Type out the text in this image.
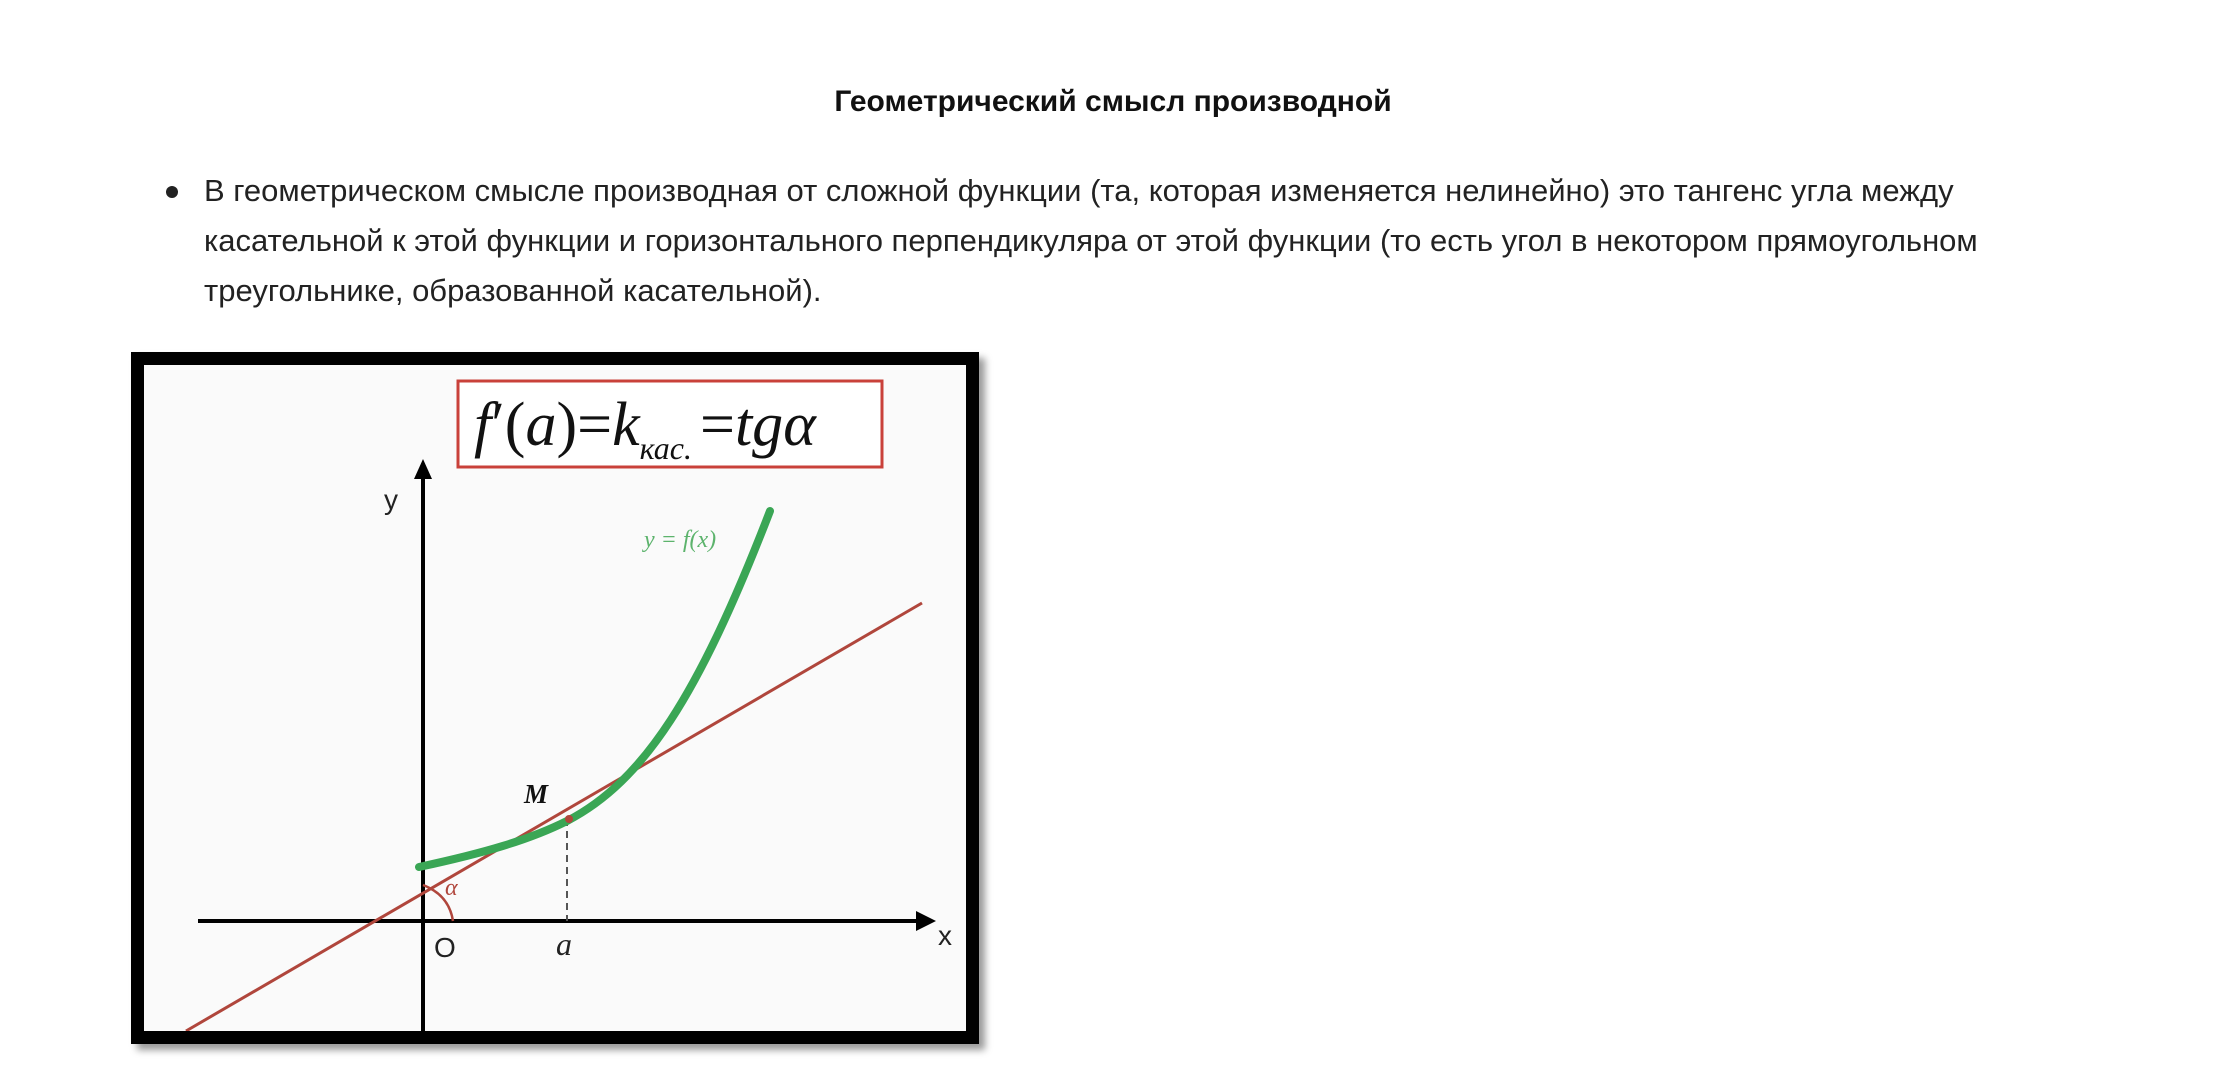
Геометрический смысл производной
В геометрическом смысле производная от сложной функции (та, которая изменяется нелинейно) это тангенс угла между касательной к этой функции и горизонтального перпендикуляра от этой функции (то есть угол в некотором прямоугольном треугольнике, образованной касательной).
$f'(a)=k_{кас.} =tg\alpha$
y
x
O	a
M
α
y = f(x)
